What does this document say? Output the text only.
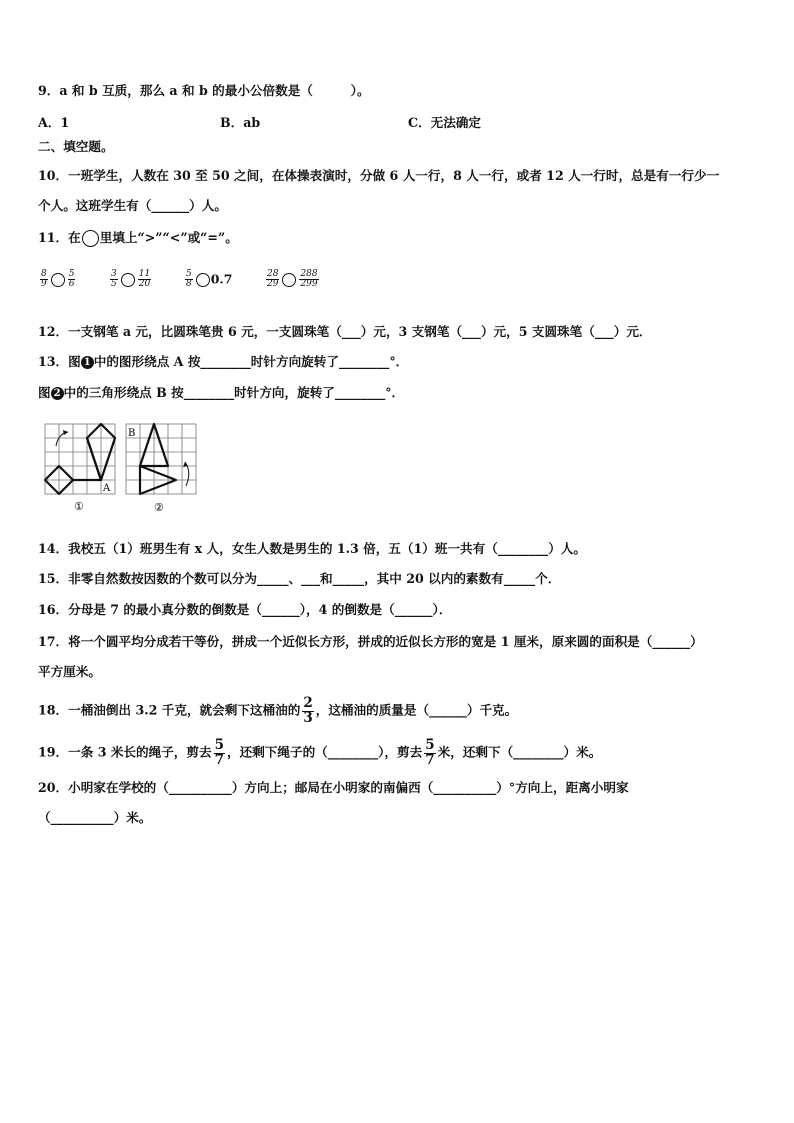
9．a 和 b 互质，那么 a 和 b 的最小公倍数是（　　　）。
A．1	B．ab	C．无法确定
二、填空题。
10．一班学生，人数在 30 至 50 之间，在体操表演时，分做 6 人一行，8 人一行，或者 12 人一行时，总是有一行少一
个人。这班学生有（______）人。
11．在 里填上“>”“<”或“=”。
$\frac{8}{9} \frac{5}{6}$	$\frac{3}{5} \frac{11}{20}$	$\frac{5}{8} 0.7$	$\frac{28}{29} \frac{288}{299}$
12．一支钢笔 a 元，比圆珠笔贵 6 元，一支圆珠笔（___）元，3 支钢笔（___）元，5 支圆珠笔（___）元．
13．图 1 中的图形绕点 A 按________时针方向旋转了________°．
图 2 中的三角形绕点 B 按________时针方向，旋转了________°．
A
①
B
②
14．我校五（1）班男生有 x 人，女生人数是男生的 1.3 倍，五（1）班一共有（________）人。
15．非零自然数按因数的个数可以分为_____、___和_____，其中 20 以内的素数有_____个．
16．分母是 7 的最小真分数的倒数是（______），4 的倒数是（______）．
17．将一个圆平均分成若干等份，拼成一个近似长方形，拼成的近似长方形的宽是 1 厘米，原来圆的面积是（______）
平方厘米。
18．一桶油倒出 3.2 千克，就会剩下这桶油的 $\frac{2}{3}$ ，这桶油的质量是（______）千克。
19．一条 3 米长的绳子，剪去 $\frac{5}{7}$ ，还剩下绳子的（________），剪去 $\frac{5}{7}$ 米，还剩下（________）米。
20．小明家在学校的（__________）方向上；邮局在小明家的南偏西（__________）°方向上，距离小明家
（__________）米。
